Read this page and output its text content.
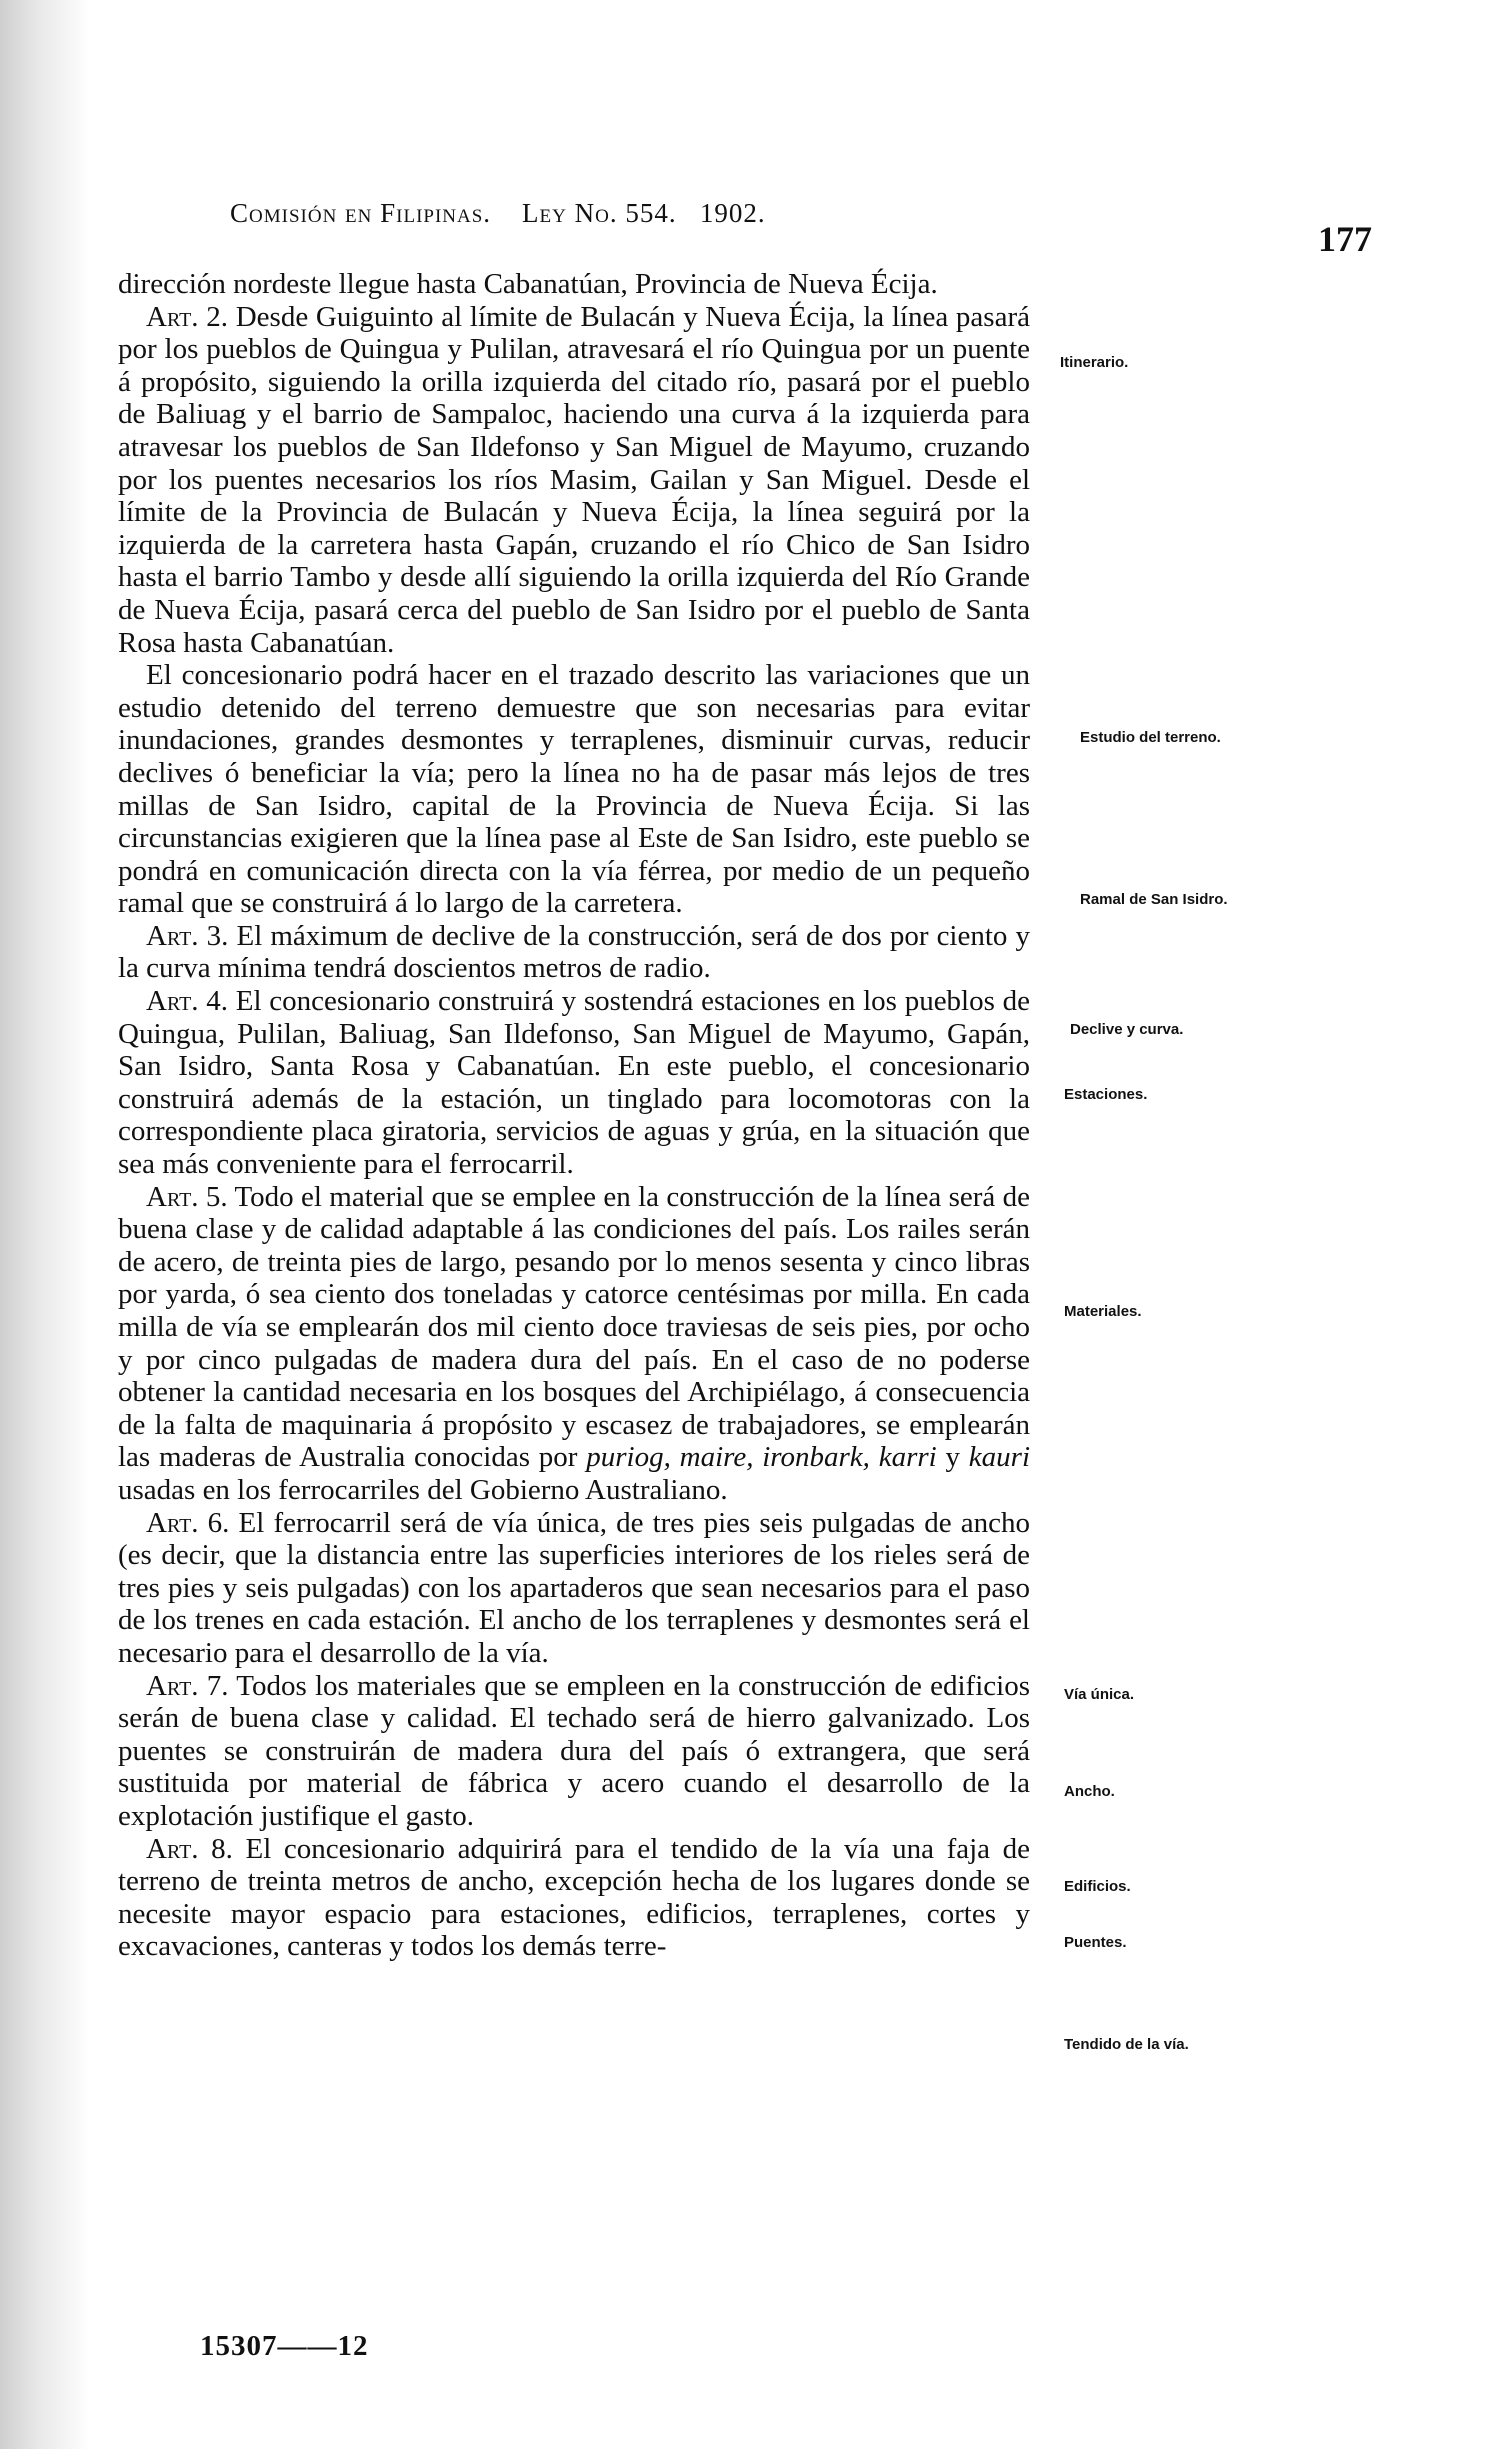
Comisión en Filipinas. Ley No. 554. 1902.
177

dirección nordeste llegue hasta Cabanatúan, Provincia de Nueva Écija.

Art. 2. Desde Guiguinto al límite de Bulacán y Nueva Écija, la línea pasará por los pueblos de Quingua y Pulilan, atravesará el río Quingua por un puente á propósito, siguiendo la orilla izquierda del citado río, pasará por el pueblo de Baliuag y el barrio de Sampaloc, haciendo una curva á la izquierda para atravesar los pueblos de San Ildefonso y San Miguel de Mayumo, cruzando por los puentes necesarios los ríos Masim, Gailan y San Miguel. Desde el límite de la Provincia de Bulacán y Nueva Écija, la línea seguirá por la izquierda de la carretera hasta Gapán, cruzando el río Chico de San Isidro hasta el barrio Tambo y desde allí siguiendo la orilla izquierda del Río Grande de Nueva Écija, pasará cerca del pueblo de San Isidro por el pueblo de Santa Rosa hasta Cabanatúan.

El concesionario podrá hacer en el trazado descrito las variaciones que un estudio detenido del terreno demuestre que son necesarias para evitar inundaciones, grandes desmontes y terraplenes, disminuir curvas, reducir declives ó beneficiar la vía; pero la línea no ha de pasar más lejos de tres millas de San Isidro, capital de la Provincia de Nueva Écija. Si las circunstancias exigieren que la línea pase al Este de San Isidro, este pueblo se pondrá en comunicación directa con la vía férrea, por medio de un pequeño ramal que se construirá á lo largo de la carretera.

Art. 3. El máximum de declive de la construcción, será de dos por ciento y la curva mínima tendrá doscientos metros de radio.

Art. 4. El concesionario construirá y sostendrá estaciones en los pueblos de Quingua, Pulilan, Baliuag, San Ildefonso, San Miguel de Mayumo, Gapán, San Isidro, Santa Rosa y Cabanatúan. En este pueblo, el concesionario construirá además de la estación, un tinglado para locomotoras con la correspondiente placa giratoria, servicios de aguas y grúa, en la situación que sea más conveniente para el ferrocarril.

Art. 5. Todo el material que se emplee en la construcción de la línea será de buena clase y de calidad adaptable á las condiciones del país. Los railes serán de acero, de treinta pies de largo, pesando por lo menos sesenta y cinco libras por yarda, ó sea ciento dos toneladas y catorce centésimas por milla. En cada milla de vía se emplearán dos mil ciento doce traviesas de seis pies, por ocho y por cinco pulgadas de madera dura del país. En el caso de no poderse obtener la cantidad necesaria en los bosques del Archipiélago, á consecuencia de la falta de maquinaria á propósito y escasez de trabajadores, se emplearán las maderas de Australia conocidas por puriog, maire, ironbark, karri y kauri usadas en los ferrocarriles del Gobierno Australiano.

Art. 6. El ferrocarril será de vía única, de tres pies seis pulgadas de ancho (es decir, que la distancia entre las superficies interiores de los rieles será de tres pies y seis pulgadas) con los apartaderos que sean necesarios para el paso de los trenes en cada estación. El ancho de los terraplenes y desmontes será el necesario para el desarrollo de la vía.

Art. 7. Todos los materiales que se empleen en la construcción de edificios serán de buena clase y calidad. El techado será de hierro galvanizado. Los puentes se construirán de madera dura del país ó extrangera, que será sustituida por material de fábrica y acero cuando el desarrollo de la explotación justifique el gasto.

Art. 8. El concesionario adquirirá para el tendido de la vía una faja de terreno de treinta metros de ancho, excepción hecha de los lugares donde se necesite mayor espacio para estaciones, edificios, terraplenes, cortes y excavaciones, canteras y todos los demás terre-

Itinerario.
Estudio del terreno.
Ramal de San Isidro.
Declive y curva.
Estaciones.
Materiales.
Vía única.
Ancho.
Edificios.
Puentes.
Tendido de la vía.
15307——12
